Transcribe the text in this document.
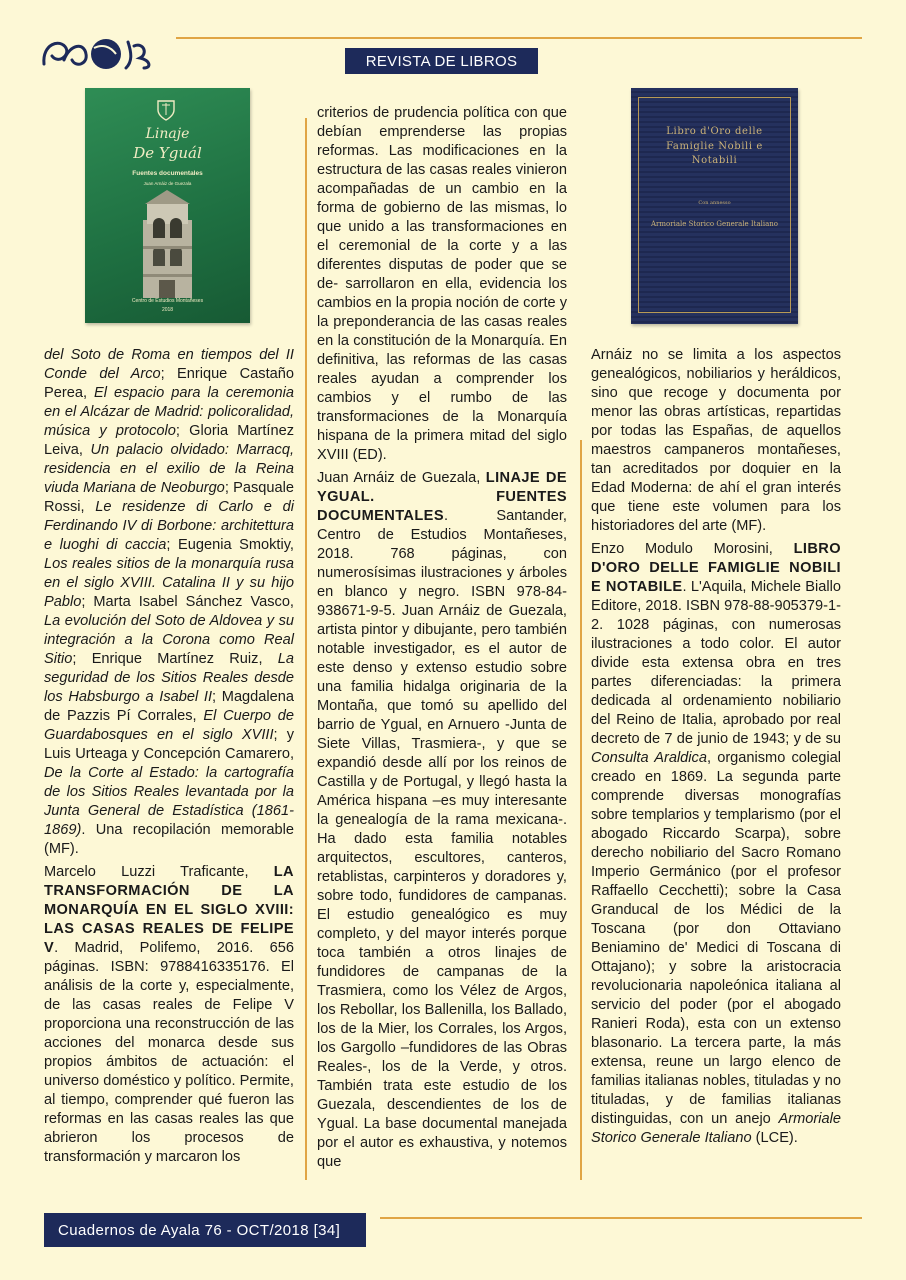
REVISTA DE LIBROS
Linaje
De Yguál
Fuentes documentales
Juan Arnáiz de Guezala
Centro de Estudios Montañeses
2018
Libro d'Oro delle Famiglie Nobili e Notabili
Con annesso
Armoriale Storico Generale Italiano

del Soto de Roma en tiempos del II Conde del Arco; Enrique Castaño Perea, El espacio para la ceremonia en el Alcázar de Madrid: policoralidad, música y protocolo; Gloria Martínez Leiva, Un palacio olvidado: Marracq, residencia en el exilio de la Reina viuda Mariana de Neoburgo; Pasquale Rossi, Le residenze di Carlo e di Ferdinando IV di Borbone: architettura e luoghi di caccia; Eugenia Smoktiy, Los reales sitios de la monarquía rusa en el siglo XVIII. Catalina II y su hijo Pablo; Marta Isabel Sánchez Vasco, La evolución del Soto de Aldovea y su integración a la Corona como Real Sitio; Enrique Martínez Ruiz, La seguridad de los Sitios Reales desde los Habsburgo a Isabel II; Magdalena de Pazzis Pí Corrales, El Cuerpo de Guardabosques en el siglo XVIII; y Luis Urteaga y Concepción Camarero, De la Corte al Estado: la cartografía de los Sitios Reales levantada por la Junta General de Estadística (1861-1869). Una recopilación memorable (MF).

Marcelo Luzzi Traficante, LA TRANSFORMACIÓN DE LA MONARQUÍA EN EL SIGLO XVIII: LAS CASAS REALES DE FELIPE V. Madrid, Polifemo, 2016. 656 páginas. ISBN: 9788416335176. El análisis de la corte y, especialmente, de las casas reales de Felipe V proporciona una reconstrucción de las acciones del monarca desde sus propios ámbitos de actuación: el universo doméstico y político. Permite, al tiempo, comprender qué fueron las reformas en las casas reales las que abrieron los procesos de transformación y marcaron los

criterios de prudencia política con que debían emprenderse las propias reformas. Las modificaciones en la estructura de las casas reales vinieron acompañadas de un cambio en la forma de gobierno de las mismas, lo que unido a las transformaciones en el ceremonial de la corte y a las diferentes disputas de poder que se de- sarrollaron en ella, evidencia los cambios en la propia noción de corte y la preponderancia de las casas reales en la constitución de la Monarquía. En definitiva, las reformas de las casas reales ayudan a comprender los cambios y el rumbo de las transformaciones de la Monarquía hispana de la primera mitad del siglo XVIII (ED).

Juan Arnáiz de Guezala, LINAJE DE YGUAL. FUENTES DOCUMENTALES. Santander, Centro de Estudios Montañeses, 2018. 768 páginas, con numerosísimas ilustraciones y árboles en blanco y negro. ISBN 978-84-938671-9-5. Juan Arnáiz de Guezala, artista pintor y dibujante, pero también notable investigador, es el autor de este denso y extenso estudio sobre una familia hidalga originaria de la Montaña, que tomó su apellido del barrio de Ygual, en Arnuero -Junta de Siete Villas, Trasmiera-, y que se expandió desde allí por los reinos de Castilla y de Portugal, y llegó hasta la América hispana –es muy interesante la genealogía de la rama mexicana-. Ha dado esta familia notables arquitectos, escultores, canteros, retablistas, carpinteros y doradores y, sobre todo, fundidores de campanas. El estudio genealógico es muy completo, y del mayor interés porque toca también a otros linajes de fundidores de campanas de la Trasmiera, como los Vélez de Argos, los Rebollar, los Ballenilla, los Ballado, los de la Mier, los Corrales, los Argos, los Gargollo –fundidores de las Obras Reales-, los de la Verde, y otros. También trata este estudio de los Guezala, descendientes de los de Ygual. La base documental manejada por el autor es exhaustiva, y notemos que

Arnáiz no se limita a los aspectos genealógicos, nobiliarios y heráldicos, sino que recoge y documenta por menor las obras artísticas, repartidas por todas las Españas, de aquellos maestros campaneros montañeses, tan acreditados por doquier en la Edad Moderna: de ahí el gran interés que tiene este volumen para los historiadores del arte (MF).

Enzo Modulo Morosini, LIBRO D'ORO DELLE FAMIGLIE NOBILI E NOTABILE. L'Aquila, Michele Biallo Editore, 2018. ISBN 978-88-905379-1-2. 1028 páginas, con numerosas ilustraciones a todo color. El autor divide esta extensa obra en tres partes diferenciadas: la primera dedicada al ordenamiento nobiliario del Reino de Italia, aprobado por real decreto de 7 de junio de 1943; y de su Consulta Araldica, organismo colegial creado en 1869. La segunda parte comprende diversas monografías sobre templarios y templarismo (por el abogado Riccardo Scarpa), sobre derecho nobiliario del Sacro Romano Imperio Germánico (por el profesor Raffaello Cecchetti); sobre la Casa Granducal de los Médici de la Toscana (por don Ottaviano Beniamino de' Medici di Toscana di Ottajano); y sobre la aristocracia revolucionaria napoleónica italiana al servicio del poder (por el abogado Ranieri Roda), esta con un extenso blasonario. La tercera parte, la más extensa, reune un largo elenco de familias italianas nobles, tituladas y no tituladas, y de familias italianas distinguidas, con un anejo Armoriale Storico Generale Italiano (LCE).

Cuadernos de Ayala 76 - OCT/2018 [34]
